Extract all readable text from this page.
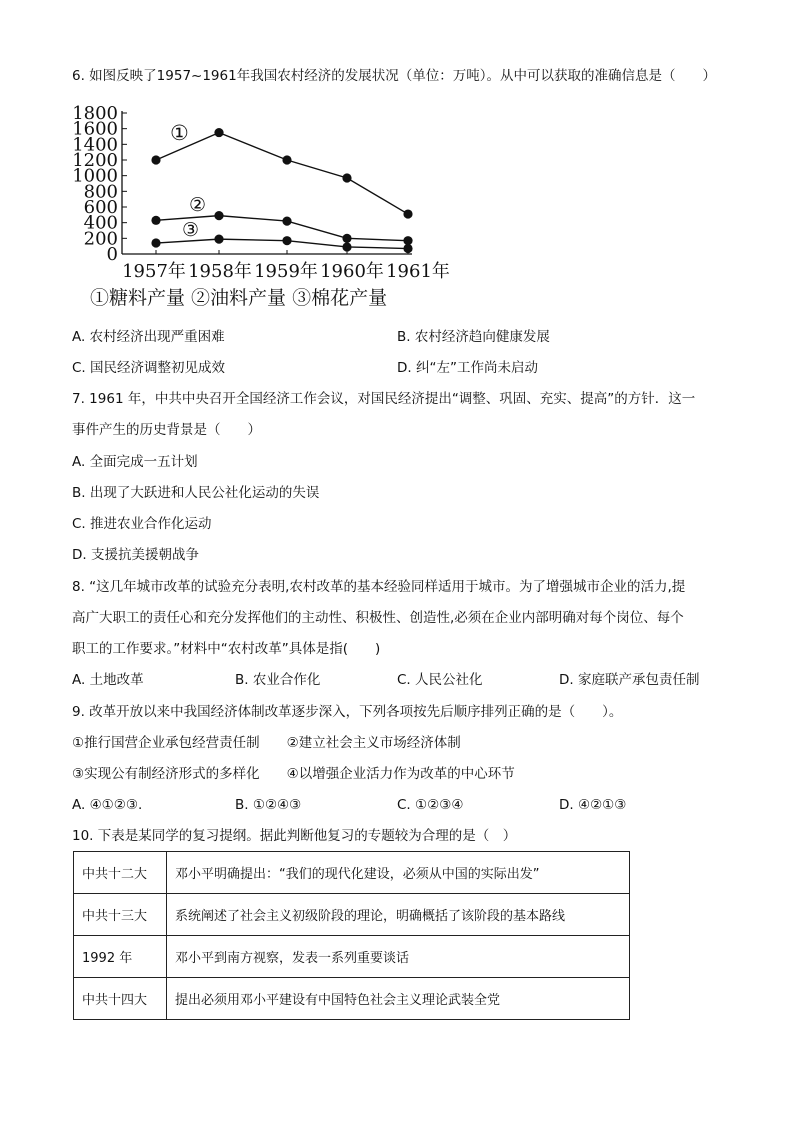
6. 如图反映了1957~1961年我国农村经济的发展状况（单位：万吨）。从中可以获取的准确信息是（　　）
0
200
400
600
800
1000
1200
1400
1600
1800
1957年 1958年 1959年 1960年 1961年
①
②
③
①糖料产量 ②油料产量 ③棉花产量
A. 农村经济出现严重困难	B. 农村经济趋向健康发展
C. 国民经济调整初见成效	D. 纠“左”工作尚未启动
7. 1961 年，中共中央召开全国经济工作会议，对国民经济提出“调整、巩固、充实、提高”的方针．这一
事件产生的历史背景是（　　）
A. 全面完成一五计划
B. 出现了大跃进和人民公社化运动的失误
C. 推进农业合作化运动
D. 支援抗美援朝战争
8. “这几年城市改革的试验充分表明,农村改革的基本经验同样适用于城市。为了增强城市企业的活力,提
高广大职工的责任心和充分发挥他们的主动性、积极性、创造性,必须在企业内部明确对每个岗位、每个
职工的工作要求。”材料中“农村改革”具体是指(　　)
A. 土地改革	B. 农业合作化	C. 人民公社化	D. 家庭联产承包责任制
9. 改革开放以来中我国经济体制改革逐步深入，下列各项按先后顺序排列正确的是（　　）。
①推行国营企业承包经营责任制　　②建立社会主义市场经济体制
③实现公有制经济形式的多样化　　④以增强企业活力作为改革的中心环节
A. ④①②③.	B. ①②④③	C. ①②③④	D. ④②①③
10. 下表是某同学的复习提纲。据此判断他复习的专题较为合理的是（　）
中共十二大	邓小平明确提出：“我们的现代化建设，必须从中国的实际出发”
中共十三大	系统阐述了社会主义初级阶段的理论，明确概括了该阶段的基本路线
1992 年	邓小平到南方视察，发表一系列重要谈话
中共十四大	提出必须用邓小平建设有中国特色社会主义理论武装全党
